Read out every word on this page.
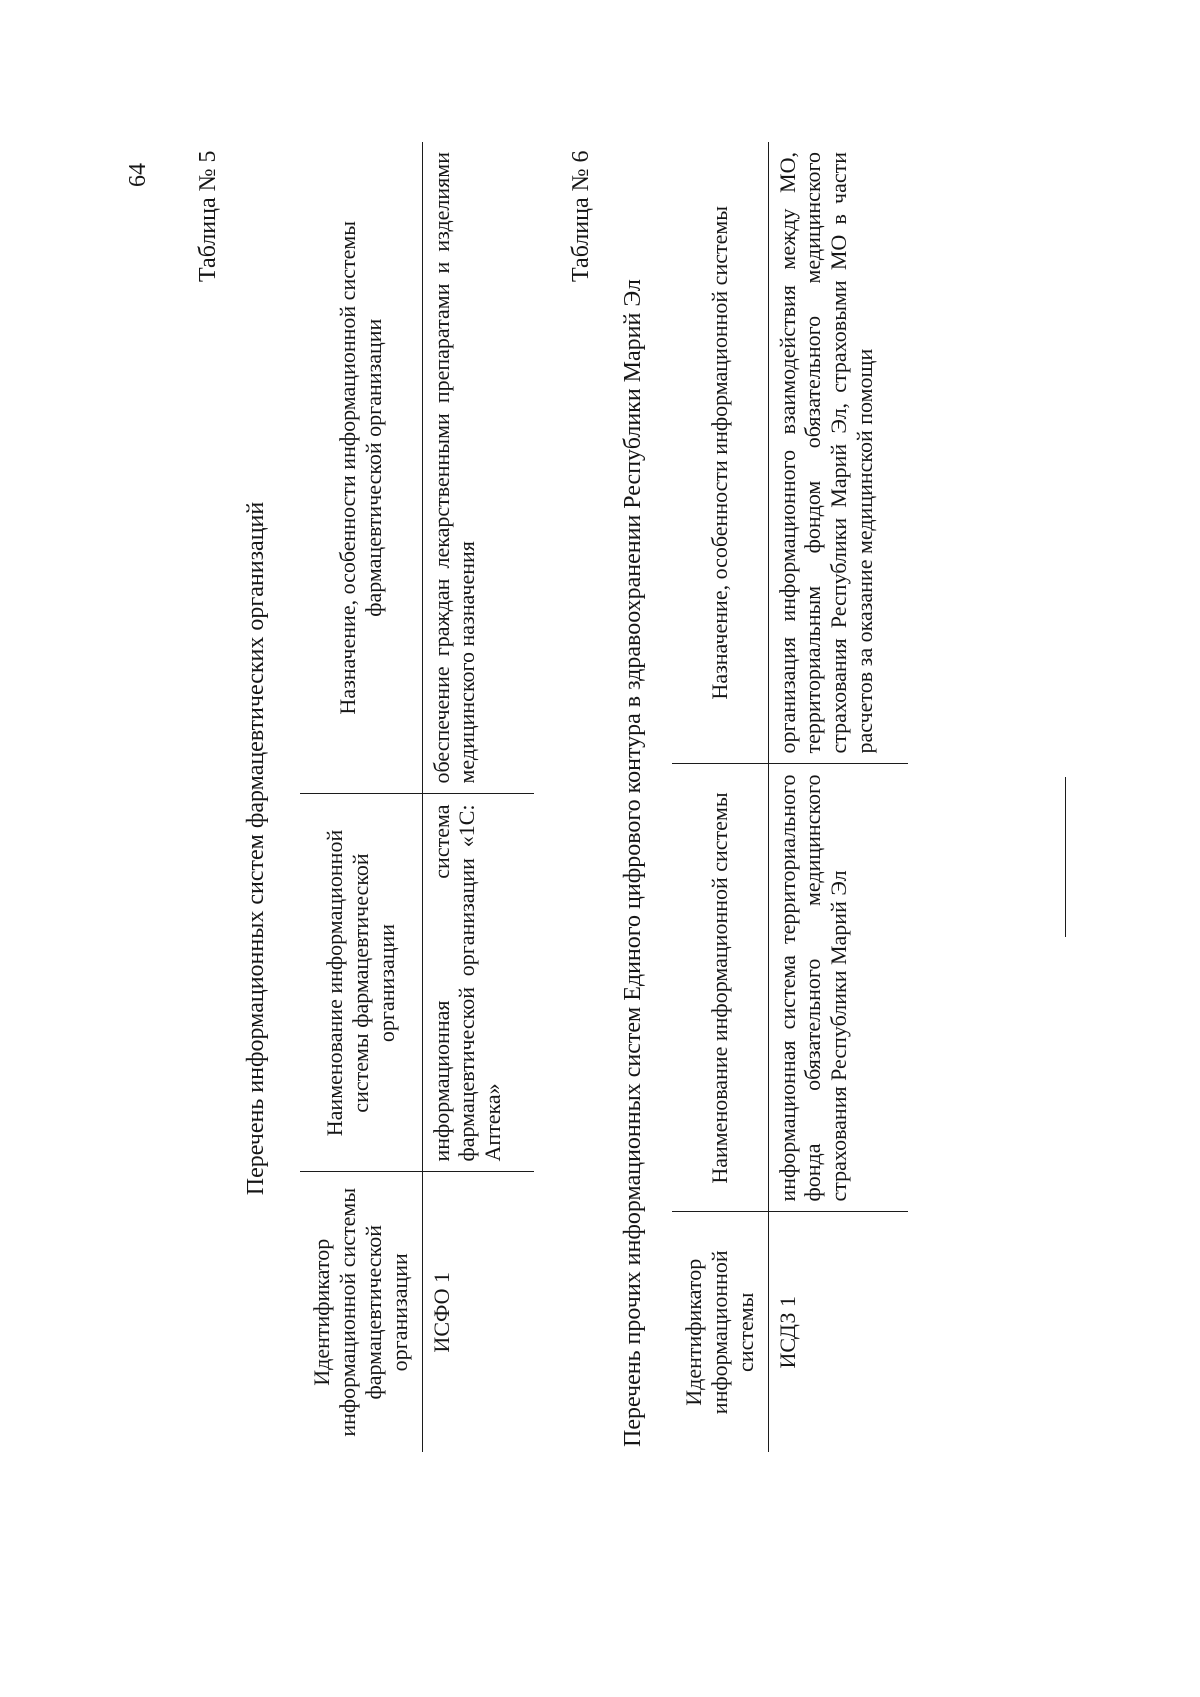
64 Таблица № 5
Перечень информационных систем фармацевтических организаций
Идентификатор информационной системы фармацевтической организации	Наименование информационной системы фармацевтической организации	Назначение, особенности информационной системы фармацевтической организации
ИСФО 1	информационная система фармацевтической организации «1С: Аптека»	обеспечение граждан лекарственными препаратами и изделиями медицинского назначения
Таблица № 6
Перечень прочих информационных систем Единого цифрового контура в здравоохранении Республики Марий Эл Идентификатор информационной системы	Наименование информационной системы	Назначение, особенности информационной системы
ИСДЗ 1	информационная система территориального фонда обязательного медицинского страхования Республики Марий Эл	организация информационного взаимодействия между МО, территориальным фондом обязательного медицинского страхования Республики Марий Эл, страховыми МО в части расчетов за оказание медицинской помощи
